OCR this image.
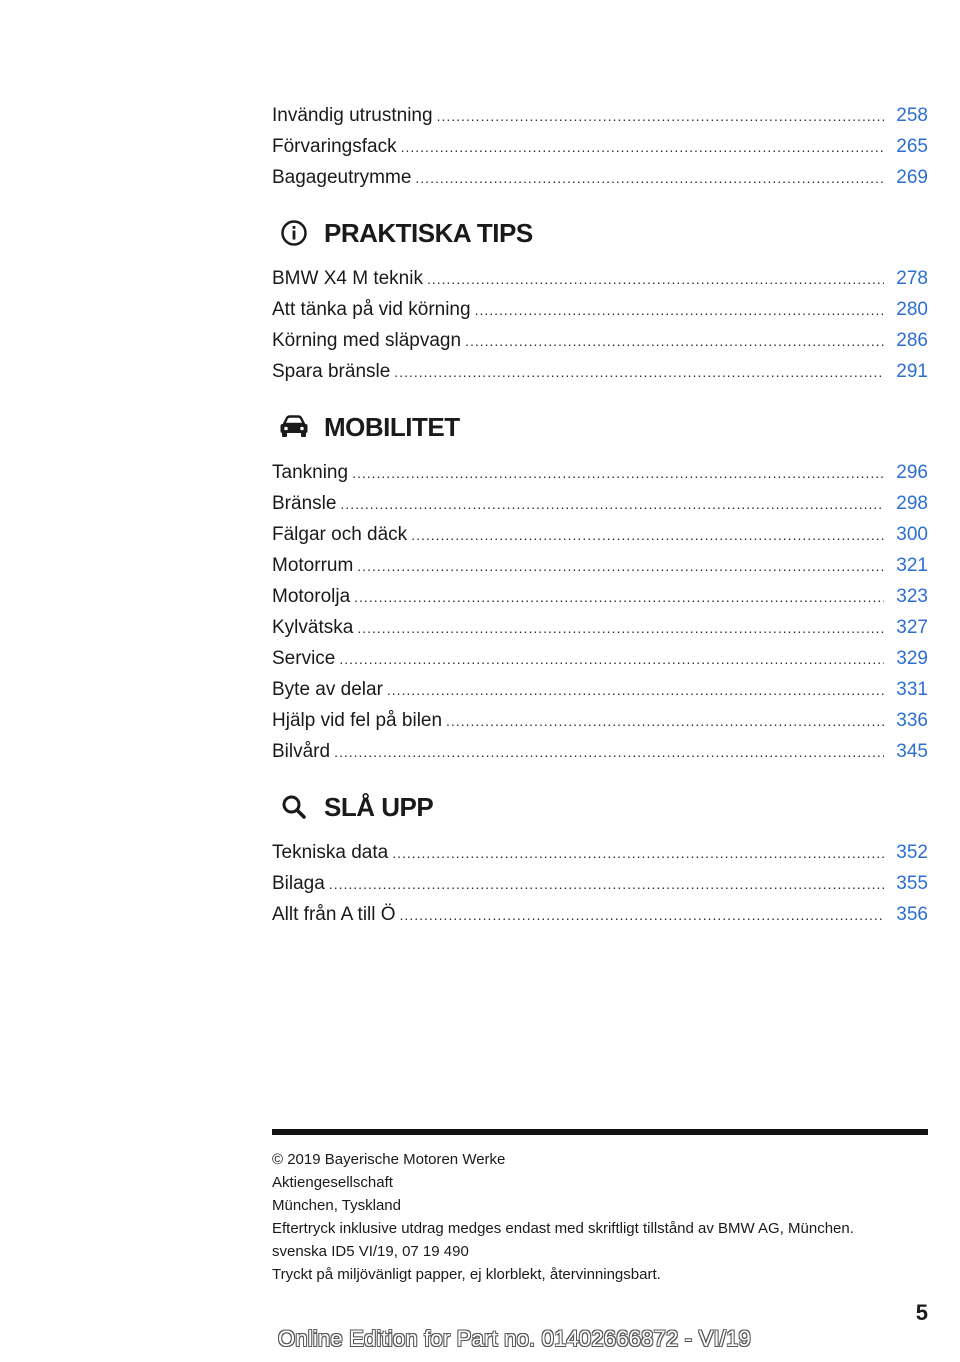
Invändig utrustning .....	258
Förvaringsfack .....	265
Bagageutrymme .....	269
PRAKTISKA TIPS
BMW X4 M teknik .....	278
Att tänka på vid körning .....	280
Körning med släpvagn .....	286
Spara bränsle .....	291
MOBILITET
Tankning .....	296
Bränsle .....	298
Fälgar och däck .....	300
Motorrum .....	321
Motorolja .....	323
Kylvätska .....	327
Service .....	329
Byte av delar .....	331
Hjälp vid fel på bilen .....	336
Bilvård .....	345
SLÅ UPP
Tekniska data .....	352
Bilaga .....	355
Allt från A till Ö .....	356
© 2019 Bayerische Motoren Werke
Aktiengesellschaft
München, Tyskland
Eftertryck inklusive utdrag medges endast med skriftligt tillstånd av BMW AG, München.
svenska ID5 VI/19, 07 19 490
Tryckt på miljövänligt papper, ej klorblekt, återvinningsbart.
5
Online Edition for Part no. 01402666872 - VI/19
